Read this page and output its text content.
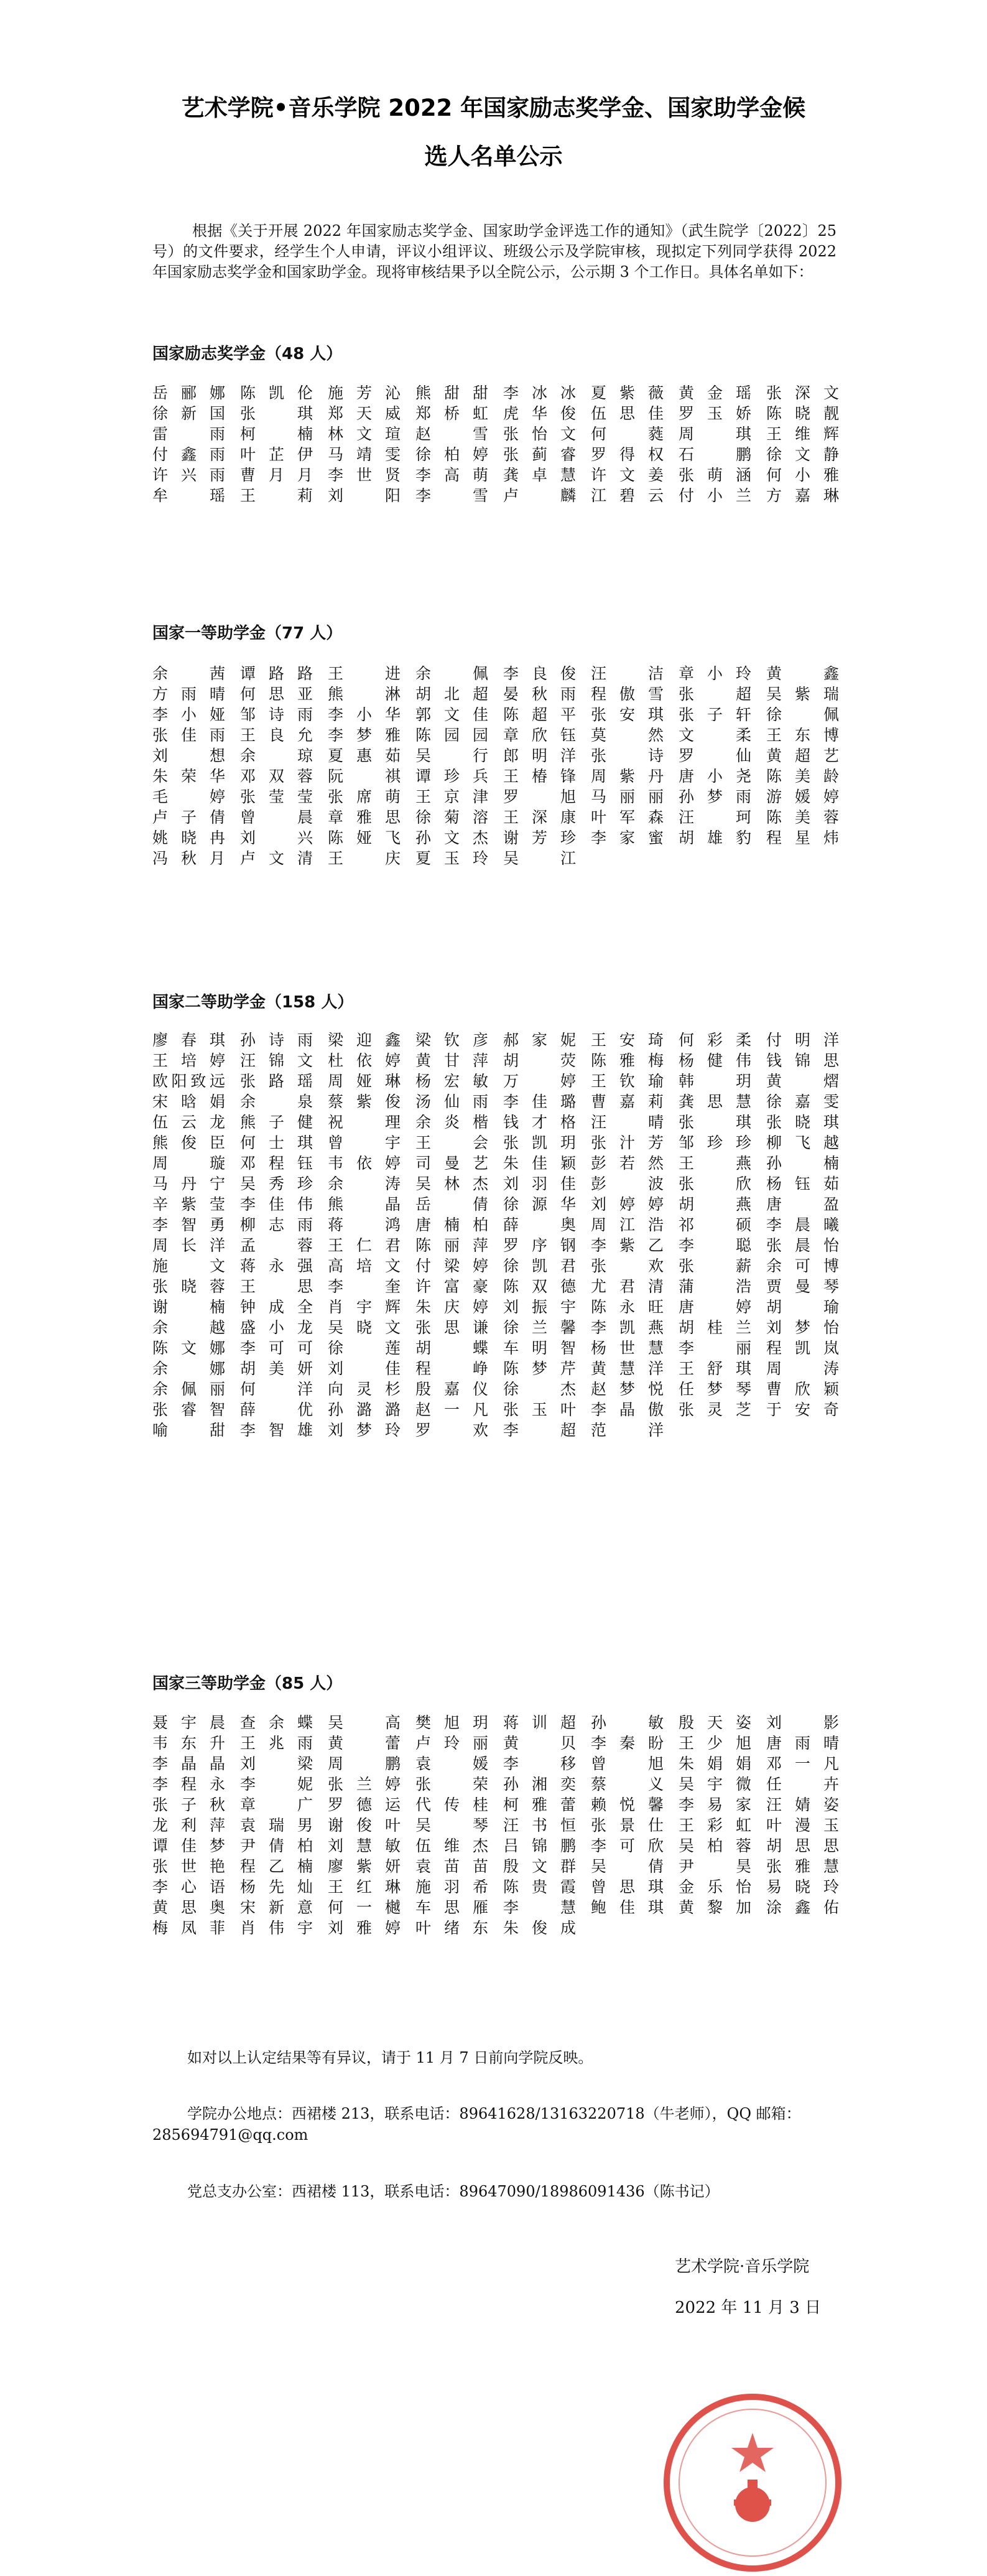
艺术学院•音乐学院 2022 年国家励志奖学金、国家助学金候
选人名单公示
根据《关于开展 2022 年国家励志奖学金、国家助学金评选工作的通知》（武生院学〔2022〕25 号）的文件要求，经学生个人申请，评议小组评议、班级公示及学院审核，现拟定下列同学获得 2022 年国家励志奖学金和国家助学金。现将审核结果予以全院公示，公示期 3 个工作日。具体名单如下：
国家励志奖学金（48 人）
岳郦娜 陈凯伦 施芳沁 熊甜甜 李冰冰 夏紫薇 黄金瑶 张深文
徐新国 张 琪 郑天威 郑桥虹 虎华俊 伍思佳 罗玉娇 陈晓靓
雷 雨 柯 楠 林文瑄 赵 雪 张怡文 何 蕤 周 琪 王维辉
付鑫雨 叶芷伊 马靖雯 徐柏婷 张蓟睿 罗得权 石 鹏 徐文静
许兴雨 曹月月 李世贤 李高萌 龚卓慧 许文姜 张萌涵 何小雅
牟 瑶 王 莉 刘 阳 李 雪 卢 麟 江碧云 付小兰 方嘉琳
国家一等助学金（77 人）
余 茜 谭路路 王 进 余 佩 李良俊 汪 洁 章小玲 黄 鑫
方雨晴 何思亚 熊 淋 胡北超 晏秋雨 程傲雪 张 超 吴紫瑞
李小娅 邹诗雨 李小华 郭文佳 陈超平 张安琪 张子轩 徐 佩
张佳雨 王良允 李梦雅 陈园园 章欣钰 莫 然 文 柔 王东博
刘 想 余 琼 夏惠茹 吴 行 郎明洋 张 诗 罗 仙 黄超艺
朱荣华 邓双蓉 阮 祺 谭珍兵 王椿锋 周紫丹 唐小尧 陈美龄
毛 婷 张莹莹 张席萌 王京津 罗 旭 马丽丽 孙梦雨 游媛婷
卢子倩 曾 晨 章雅思 徐菊溶 王深康 叶军森 汪 珂 陈美蓉
姚晓冉 刘 兴 陈娅飞 孙文杰 谢芳珍 李家蜜 胡雄豹 程星炜
冯秋月 卢文清 王 庆 夏玉玲 吴 江
国家二等助学金（158 人）
廖春琪 孙诗雨 梁迎鑫 梁钦彦 郝家妮 王安琦 何彩柔 付明洋
王培婷 汪锦文 杜依婷 黄甘萍 胡 荧 陈雅梅 杨健伟 钱锦思
欧阳致远 张路瑶 周娅琳 杨宏敏 万 婷 王钦瑜 韩 玥 黄 熠
宋晗娟 余 泉 蔡紫俊 汤仙雨 李佳璐 曹嘉莉 龚思慧 徐嘉雯
伍云龙 熊子健 祝 理 余炎楷 钱才格 汪 晴 张 琪 张晓琪
熊俊臣 何士琪 曾 宇 王 会 张凯玥 张汁芳 邹珍珍 柳飞越
周 璇 邓程钰 韦依婷 司曼艺 朱佳颖 彭若然 王 燕 孙 楠
马丹宁 吴秀珍 余 涛 吴林杰 刘羽佳 彭 波 张 欣 杨钰茹
辛紫莹 李佳伟 熊 晶 岳 倩 徐源华 刘婷婷 胡 燕 唐 盈
李智勇 柳志雨 蒋 鸿 唐楠柏 薛 奥 周江浩 祁 硕 李晨曦
周长洋 孟 蓉 王仁君 陈丽萍 罗序钢 李紫乙 李 聪 张晨怡
施 文 蒋永强 高培文 付梁婷 徐凯君 张 欢 张 薪 余可博
张晓蓉 王 思 李 奎 许富豪 陈双德 尤君清 蒲 浩 贾曼琴
谢 楠 钟成全 肖宇辉 朱庆婷 刘振宇 陈永旺 唐 婷 胡 瑜
余 越 盛小龙 吴晓文 张思谦 徐兰馨 李凯燕 胡桂兰 刘梦怡
陈文娜 李可可 徐 莲 胡 蝶 车明智 杨世慧 李 丽 程凯岚
余 娜 胡美妍 刘 佳 程 峥 陈梦芹 黄慧洋 王舒琪 周 涛
余佩丽 何 洋 向灵杉 殷嘉仪 徐 杰 赵梦悦 任梦琴 曹欣颖
张睿智 薛 优 孙潞潞 赵一凡 张玉叶 李晶傲 张灵芝 于安奇
喻 甜 李智雄 刘梦玲 罗 欢 李 超 范 洋
国家三等助学金（85 人）
聂宇晨 查余蝶 吴 高 樊旭玥 蒋训超 孙 敏 殷天姿 刘 影
韦东升 王兆雨 黄 蕾 卢玲丽 黄 贝 李秦盼 王少旭 唐雨晴
李晶晶 刘 梁 周 鹏 袁 媛 李 移 曾 旭 朱娟娟 邓一凡
李程永 李 妮 张兰婷 张 荣 孙湘奕 蔡 义 吴宇微 任 卉
张子秋 章 广 罗德运 代传桂 柯雅蕾 赖悦馨 李易家 汪婧姿
龙利萍 袁瑞男 谢俊叶 吴 琴 汪书恒 张景仕 王彩虹 叶漫玉
谭佳梦 尹倩柏 刘慧敏 伍维杰 吕锦鹏 李可欣 吴柏蓉 胡思思
张世艳 程乙楠 廖紫妍 袁苗苗 殷文群 吴 倩 尹 昊 张雅慧
李心语 杨先灿 王红琳 施羽希 陈贵霞 曾思琪 金乐怡 易晓玲
黄思奥 宋新意 何一樾 车思雁 李 慧 鲍佳琪 黄黎加 涂鑫佑
梅凤菲 肖伟宇 刘雅婷 叶绪东 朱俊成
如对以上认定结果等有异议，请于 11 月 7 日前向学院反映。
学院办公地点：西裙楼 213，联系电话：89641628/13163220718（牛老师），QQ 邮箱：285694791@qq.com
党总支办公室：西裙楼 113，联系电话：89647090/18986091436（陈书记）
艺术学院·音乐学院
2022 年 11 月 3 日
